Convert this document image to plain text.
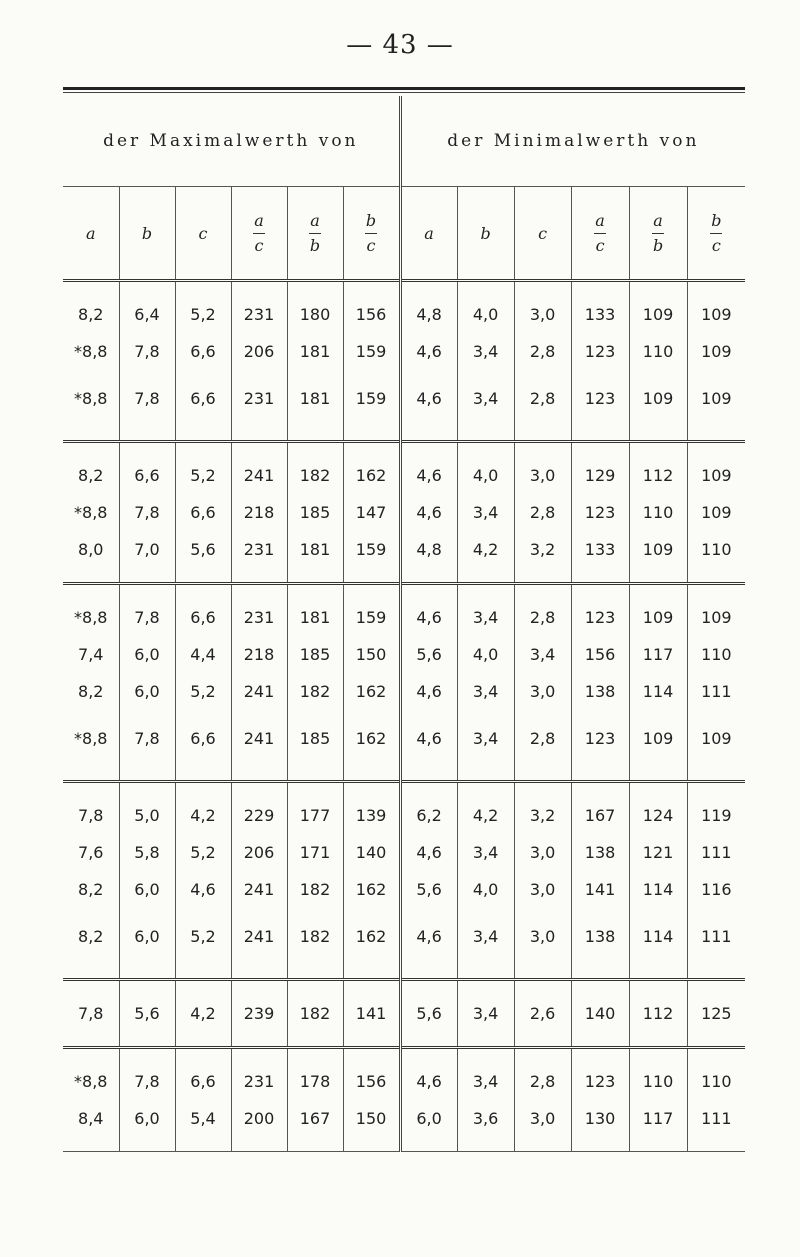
— 43 —
der Maximalwerth von						der Minimalwerth von					
a	b	c	$\frac{a}{c}$	$\frac{a}{b}$	$\frac{b}{c}$	a	b	c	$\frac{a}{c}$	$\frac{a}{b}$	$\frac{b}{c}$

8,2	6,4	5,2	231	180	156	4,8	4,0	3,0	133	109	109
*8,8	7,8	6,6	206	181	159	4,6	3,4	2,8	123	110	109
*8,8	7,8	6,6	231	181	159	4,6	3,4	2,8	123	109	109
8,2	6,6	5,2	241	182	162	4,6	4,0	3,0	129	112	109
*8,8	7,8	6,6	218	185	147	4,6	3,4	2,8	123	110	109
8,0	7,0	5,6	231	181	159	4,8	4,2	3,2	133	109	110
*8,8	7,8	6,6	231	181	159	4,6	3,4	2,8	123	109	109
7,4	6,0	4,4	218	185	150	5,6	4,0	3,4	156	117	110
8,2	6,0	5,2	241	182	162	4,6	3,4	3,0	138	114	111
*8,8	7,8	6,6	241	185	162	4,6	3,4	2,8	123	109	109
7,8	5,0	4,2	229	177	139	6,2	4,2	3,2	167	124	119
7,6	5,8	5,2	206	171	140	4,6	3,4	3,0	138	121	111
8,2	6,0	4,6	241	182	162	5,6	4,0	3,0	141	114	116
8,2	6,0	5,2	241	182	162	4,6	3,4	3,0	138	114	111
7,8	5,6	4,2	239	182	141	5,6	3,4	2,6	140	112	125
*8,8	7,8	6,6	231	178	156	4,6	3,4	2,8	123	110	110
8,4	6,0	5,4	200	167	150	6,0	3,6	3,0	130	117	111
